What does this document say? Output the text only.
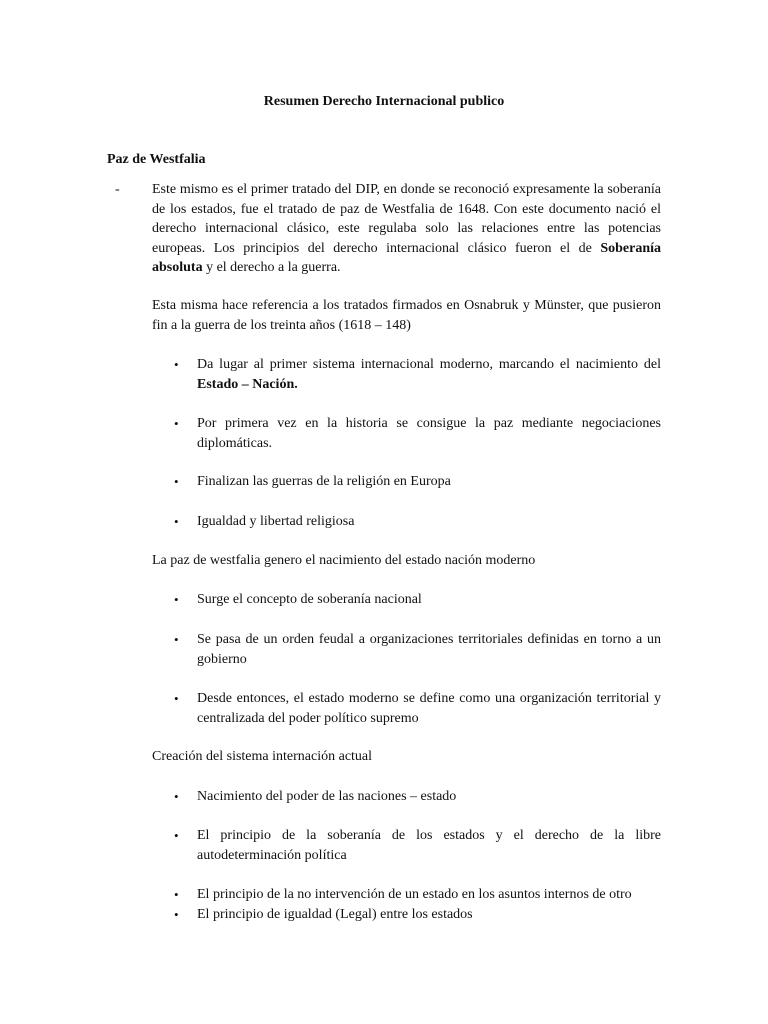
Resumen Derecho Internacional publico
Paz de Westfalia
- Este mismo es el primer tratado del DIP, en donde se reconoció expresamente la soberanía de los estados, fue el tratado de paz de Westfalia de 1648. Con este documento nació el derecho internacional clásico, este regulaba solo las relaciones entre las potencias europeas. Los principios del derecho internacional clásico fueron el de Soberanía absoluta y el derecho a la guerra.
Esta misma hace referencia a los tratados firmados en Osnabruk y Münster, que pusieron fin a la guerra de los treinta años (1618 – 148)
• Da lugar al primer sistema internacional moderno, marcando el nacimiento del Estado – Nación.
• Por primera vez en la historia se consigue la paz mediante negociaciones diplomáticas.
• Finalizan las guerras de la religión en Europa
• Igualdad y libertad religiosa
La paz de westfalia genero el nacimiento del estado nación moderno
• Surge el concepto de soberanía nacional
• Se pasa de un orden feudal a organizaciones territoriales definidas en torno a un gobierno
• Desde entonces, el estado moderno se define como una organización territorial y centralizada del poder político supremo
Creación del sistema internación actual
• Nacimiento del poder de las naciones – estado
• El principio de la soberanía de los estados y el derecho de la libre autodeterminación política
• El principio de la no intervención de un estado en los asuntos internos de otro
• El principio de igualdad (Legal) entre los estados
